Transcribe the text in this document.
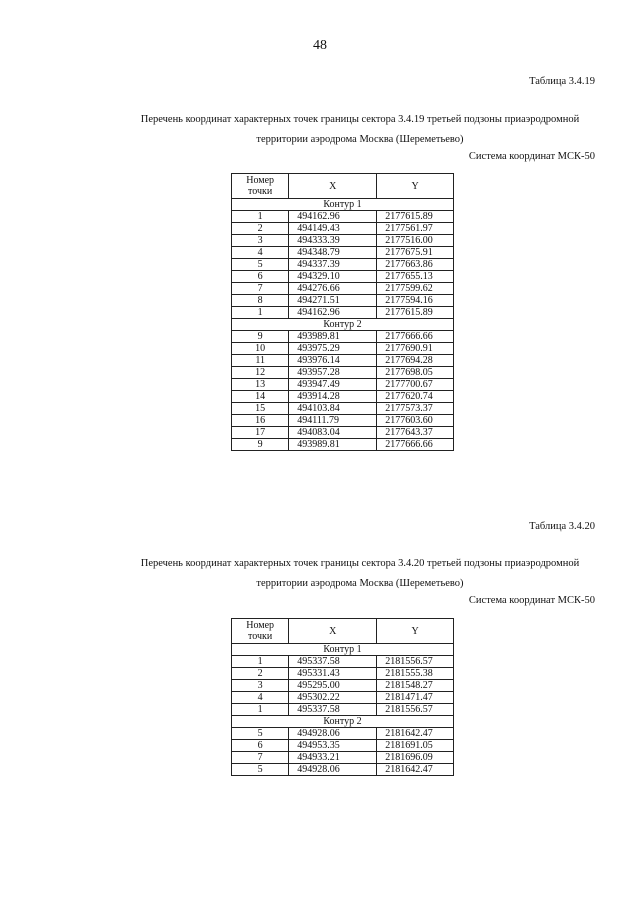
48
Таблица 3.4.19
Перечень координат характерных точек границы сектора 3.4.19 третьей подзоны приаэродромной
территории аэродрома Москва (Шереметьево)
Система координат МСК-50
Номер точки	X	Y
Контур 1		
1	494162.96	2177615.89
2	494149.43	2177561.97
3	494333.39	2177516.00
4	494348.79	2177675.91
5	494337.39	2177663.86
6	494329.10	2177655.13
7	494276.66	2177599.62
8	494271.51	2177594.16
1	494162.96	2177615.89
Контур 2		
9	493989.81	2177666.66
10	493975.29	2177690.91
11	493976.14	2177694.28
12	493957.28	2177698.05
13	493947.49	2177700.67
14	493914.28	2177620.74
15	494103.84	2177573.37
16	494111.79	2177603.60
17	494083.04	2177643.37
9	493989.81	2177666.66
Таблица 3.4.20
Перечень координат характерных точек границы сектора 3.4.20 третьей подзоны приаэродромной
территории аэродрома Москва (Шереметьево)
Система координат МСК-50
Номер точки	X	Y
Контур 1		
1	495337.58	2181556.57
2	495331.43	2181555.38
3	495295.00	2181548.27
4	495302.22	2181471.47
1	495337.58	2181556.57
Контур 2		
5	494928.06	2181642.47
6	494953.35	2181691.05
7	494933.21	2181696.09
5	494928.06	2181642.47
